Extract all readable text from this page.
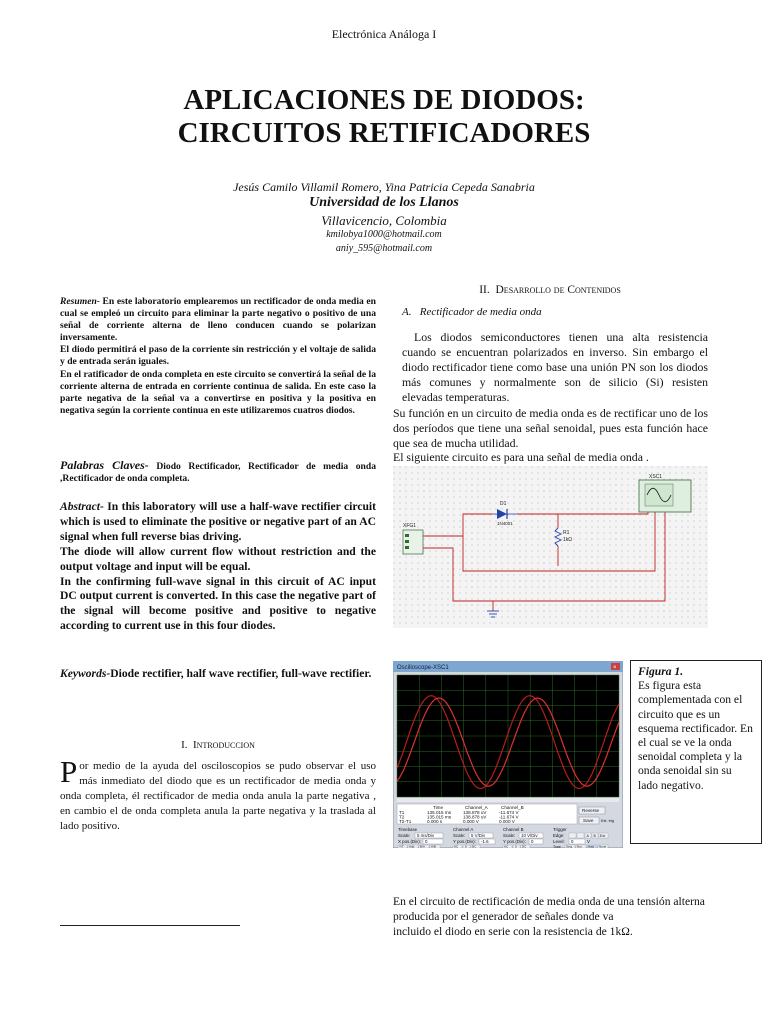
Electrónica Análoga I
APLICACIONES DE DIODOS:
CIRCUITOS RETIFICADORES
Jesús Camilo Villamil Romero, Yina Patricia Cepeda Sanabria
Universidad de los Llanos
Villavicencio, Colombia
kmilobya1000@hotmail.com
aniy_595@hotmail.com

Resumen- En este laboratorio emplearemos un rectificador de onda media en cual se empleó un circuito para eliminar la parte negativo o positivo de una señal de corriente alterna de lleno conducen cuando se polarizan inversamente.

El diodo permitirá el paso de la corriente sin restricción y el voltaje de salida y de entrada serán iguales.

En el ratificador de onda completa en este circuito se convertirá la señal de la corriente alterna de entrada en corriente continua de salida. En este caso la parte negativa de la señal va a convertirse en positiva y la positiva en negativa según la corriente continua en este utilizaremos cuatros diodos.

Palabras Claves- Diodo Rectificador, Rectificador de media onda ,Rectificador de onda completa.

Abstract- In this laboratory will use a half-wave rectifier circuit which is used to eliminate the positive or negative part of an AC signal when full reverse bias driving.

The diode will allow current flow without restriction and the output voltage and input will be equal.

In the confirming full-wave signal in this circuit of AC input DC output current is converted. In this case the negative part of the signal will become positive and positive to negative according to current use in this four diodes.

Keywords-Diode rectifier, half wave rectifier, full-wave rectifier.
I. Introduccion
Por medio de la ayuda del osciloscopios se pudo observar el uso más inmediato del diodo que es un rectificador de media onda y onda completa, él rectificador de media onda anula la parte negativa , en cambio el de onda completa anula la parte negativa y la traslada al lado positivo.
II. Desarrollo de Contenidos
A.   Rectificador de media onda
Los diodos semiconductores tienen una alta resistencia cuando se encuentran polarizados en inverso. Sin embargo el diodo rectificador tiene como base una unión PN son los diodos más comunes y normalmente son de silicio (Si) resisten elevadas temperaturas.
Su función en un circuito de media onda es de rectificar uno de los dos períodos que tiene una señal senoidal, pues esta función hace que sea de mucha utilidad.
El siguiente circuito es para una señal de media onda .
XFG1
D1
1N4001
R1
1kΩ
XSC1
Oscilloscope-XSC1	×
Time	Channel_A	Channel_B
T1	135.015 ms	138.878 uV	-11.674 V
T2	135.015 ms	138.878 uV	-11.674 V
T2-T1	0.000 s	0.000 V	0.000 V
Reverse
Save Ext. trig
Timebase
Scale: 5 ms/Div
X pos.(Div): 0
Y/T Add B/A A/B
Channel A
Scale: 5 V/Div
Y pos.(Div): -1.6
AC 0 DC
Channel B
Scale: 10 V/Div
Y pos.(Div): 0
AC 0 DC
Trigger
Edge:	A B Ext
Level: 0	V
Type Sing. Nor. Auto None
Figura 1.
Es figura esta complementada con el circuito que es un esquema rectificador. En el cual se ve la onda senoidal completa y la onda senoidal sin su lado negativo.
En el circuito de rectificación de media onda de una tensión alterna producida por el generador de señales donde va
incluido el diodo en serie con la resistencia de 1kΩ.
